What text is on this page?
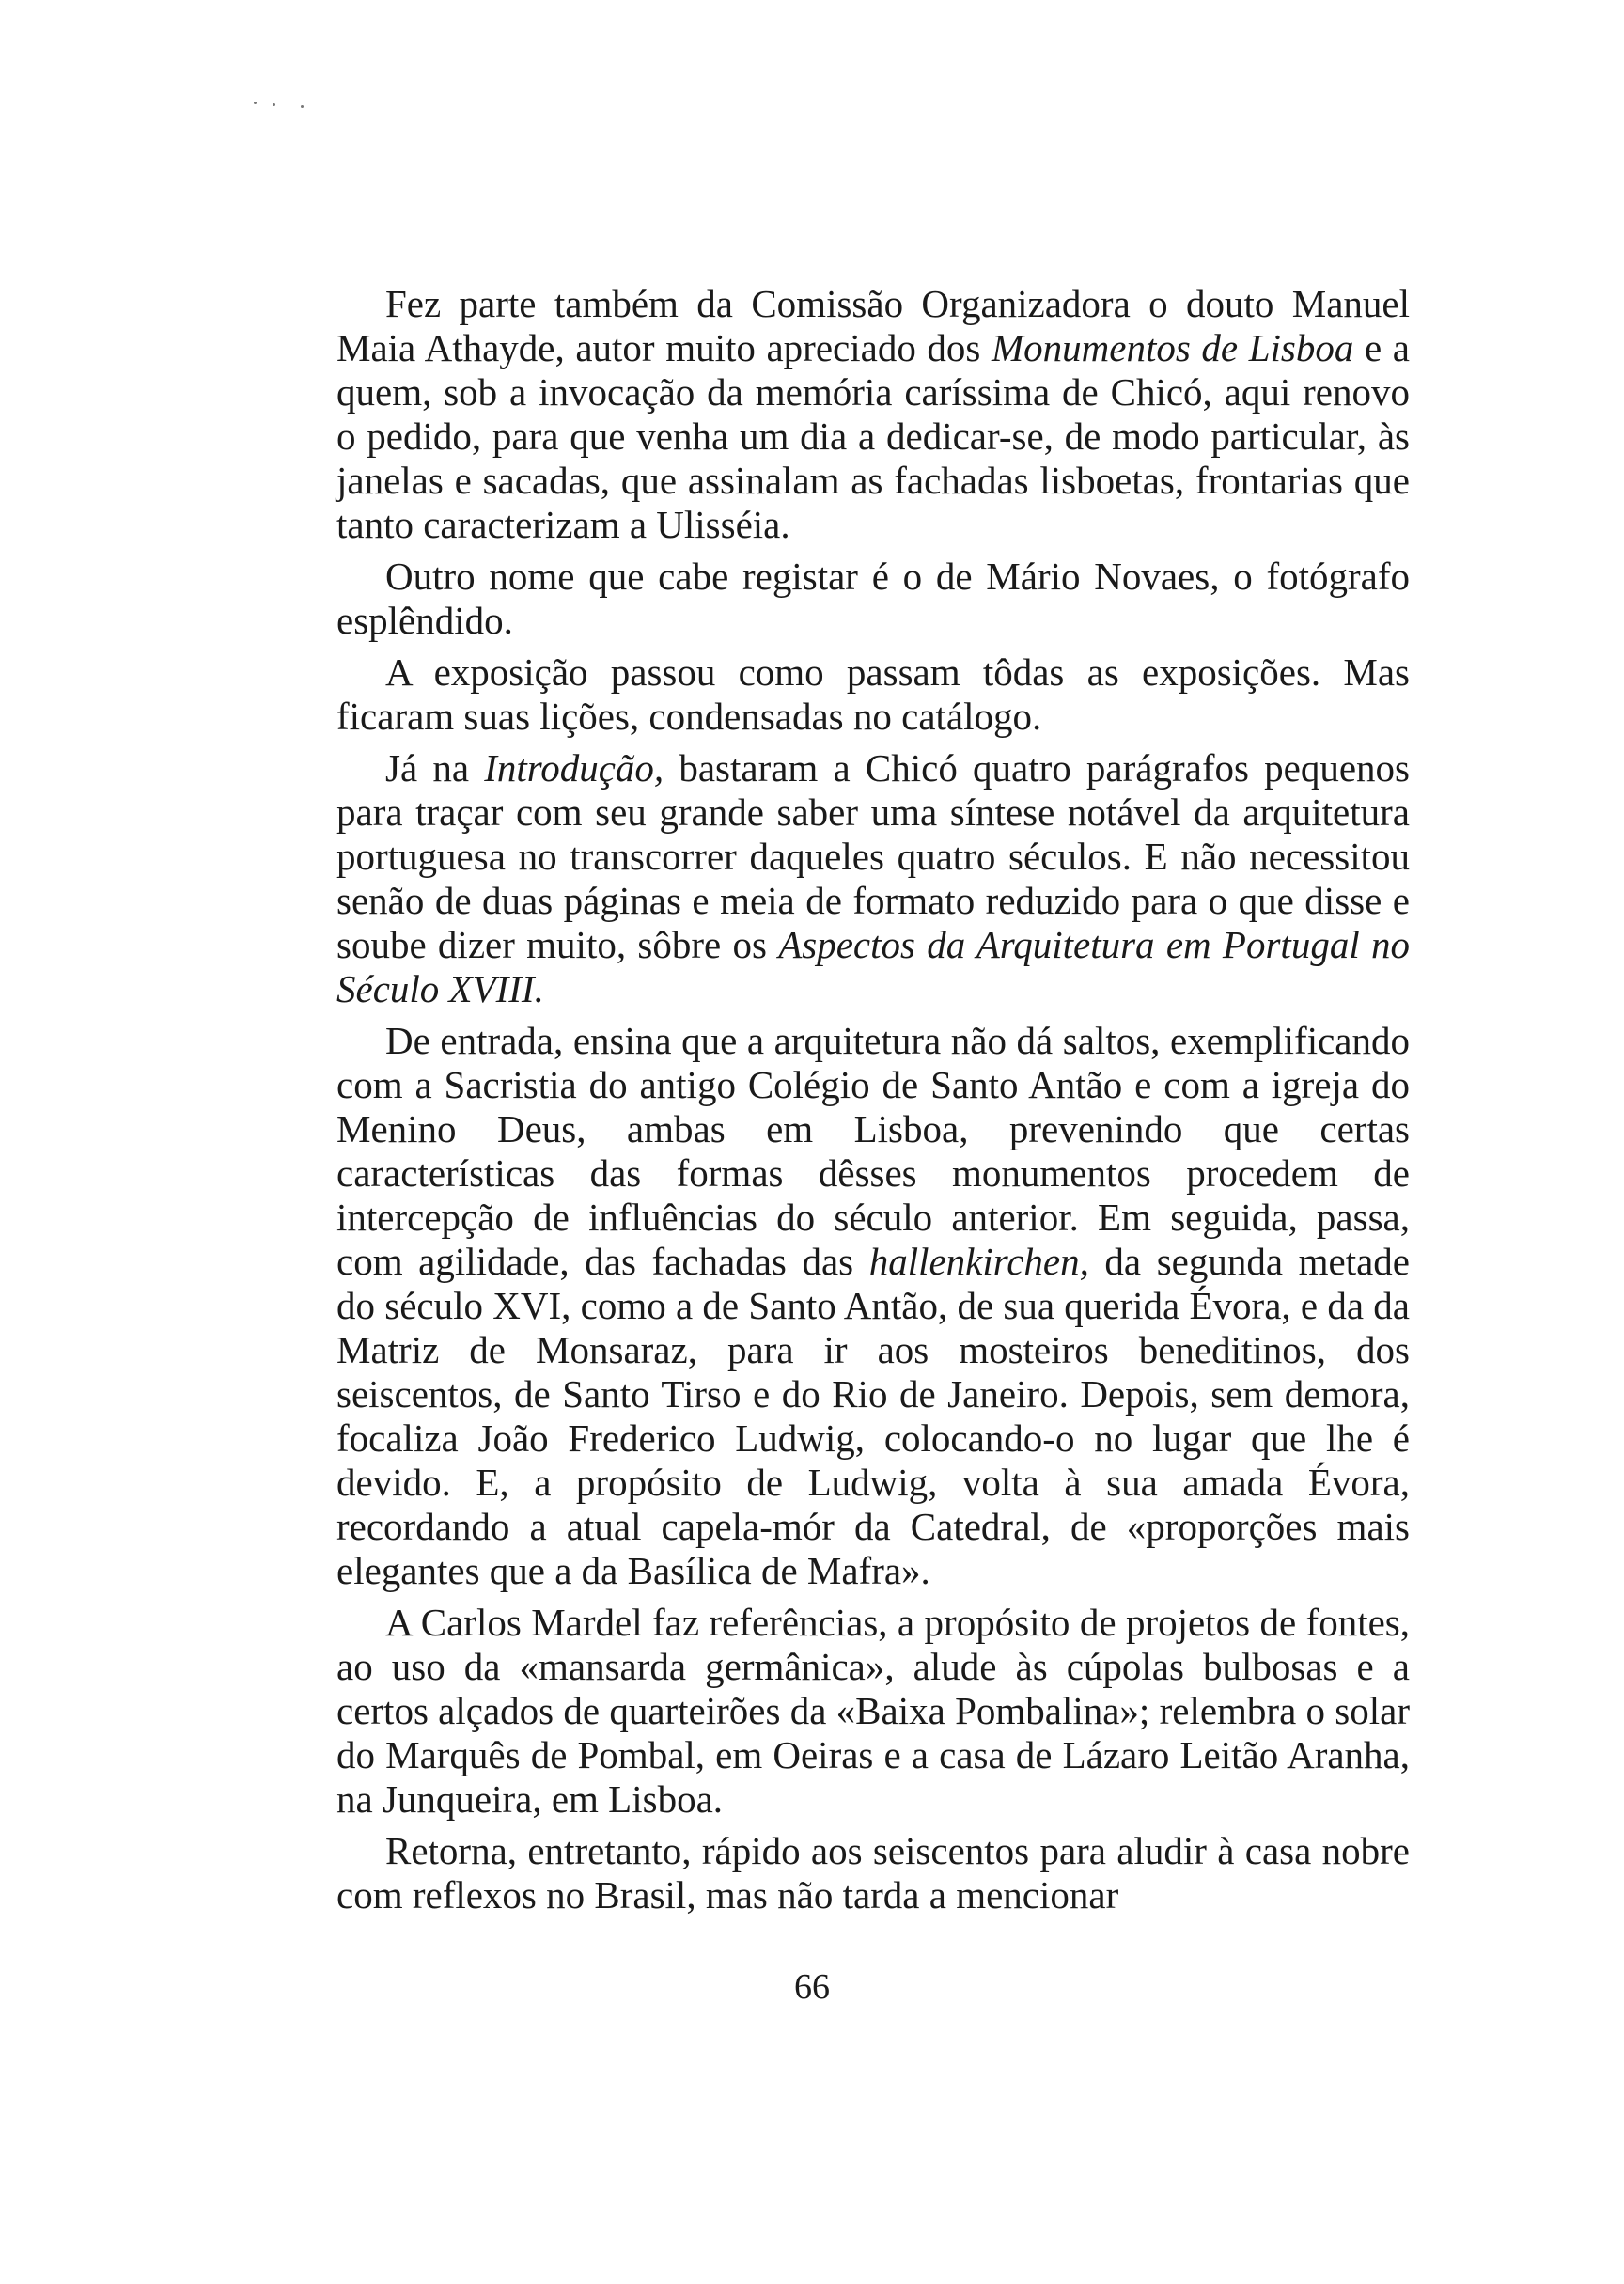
Fez parte também da Comissão Organizadora o douto Manuel Maia Athayde, autor muito apreciado dos Monumentos de Lisboa e a quem, sob a invocação da memória caríssima de Chicó, aqui renovo o pedido, para que venha um dia a dedicar-se, de modo particular, às janelas e sacadas, que assinalam as fachadas lisboetas, frontarias que tanto caracterizam a Ulisséia.

Outro nome que cabe registar é o de Mário Novaes, o fotógrafo esplêndido.

A exposição passou como passam tôdas as exposições. Mas ficaram suas lições, condensadas no catálogo.

Já na Introdução, bastaram a Chicó quatro parágrafos pequenos para traçar com seu grande saber uma síntese notável da arquitetura portuguesa no transcorrer daqueles quatro séculos. E não necessitou senão de duas páginas e meia de formato reduzido para o que disse e soube dizer muito, sôbre os Aspectos da Arquitetura em Portugal no Século XVIII.

De entrada, ensina que a arquitetura não dá saltos, exemplificando com a Sacristia do antigo Colégio de Santo Antão e com a igreja do Menino Deus, ambas em Lisboa, prevenindo que certas características das formas dêsses monumentos procedem de intercepção de influências do século anterior. Em seguida, passa, com agilidade, das fachadas das hallenkirchen, da segunda metade do século XVI, como a de Santo Antão, de sua querida Évora, e da da Matriz de Monsaraz, para ir aos mosteiros beneditinos, dos seiscentos, de Santo Tirso e do Rio de Janeiro. Depois, sem demora, focaliza João Frederico Ludwig, colocando-o no lugar que lhe é devido. E, a propósito de Ludwig, volta à sua amada Évora, recordando a atual capela-mór da Catedral, de «proporções mais elegantes que a da Basílica de Mafra».

A Carlos Mardel faz referências, a propósito de projetos de fontes, ao uso da «mansarda germânica», alude às cúpolas bulbosas e a certos alçados de quarteirões da «Baixa Pombalina»; relembra o solar do Marquês de Pombal, em Oeiras e a casa de Lázaro Leitão Aranha, na Junqueira, em Lisboa.

Retorna, entretanto, rápido aos seiscentos para aludir à casa nobre com reflexos no Brasil, mas não tarda a mencionar

66
